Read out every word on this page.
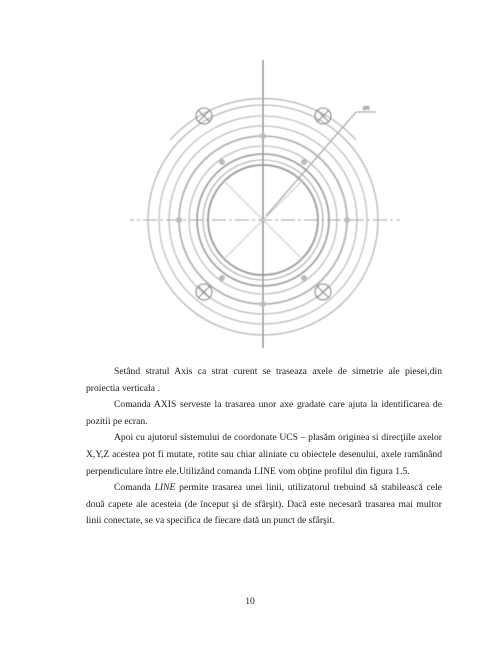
Ø8

Setând stratul Axis ca strat curent se traseaza axele de simetrie ale piesei,din proiectia verticala .

Comanda AXIS serveste la trasarea unor axe gradate care ajuta la identificarea de pozitii pe ecran.

Apoi cu ajutorul sistemului de coordonate UCS – plasăm originea si direcţiile axelor X,Y,Z acestea pot fi mutate, rotite sau chiar aliniate cu obiectele desenului, axele ramânând perpendiculare între ele.Utilizând comanda LINE vom obţine profilul din figura 1.5.

Comanda LINE permite trasarea unei linii, utilizatorul trebuind să stabilească cele două capete ale acesteia (de început şi de sfârşit). Dacă este necesară trasarea mai multor linii conectate, se va specifica de fiecare dată un punct de sfârşit.

10
